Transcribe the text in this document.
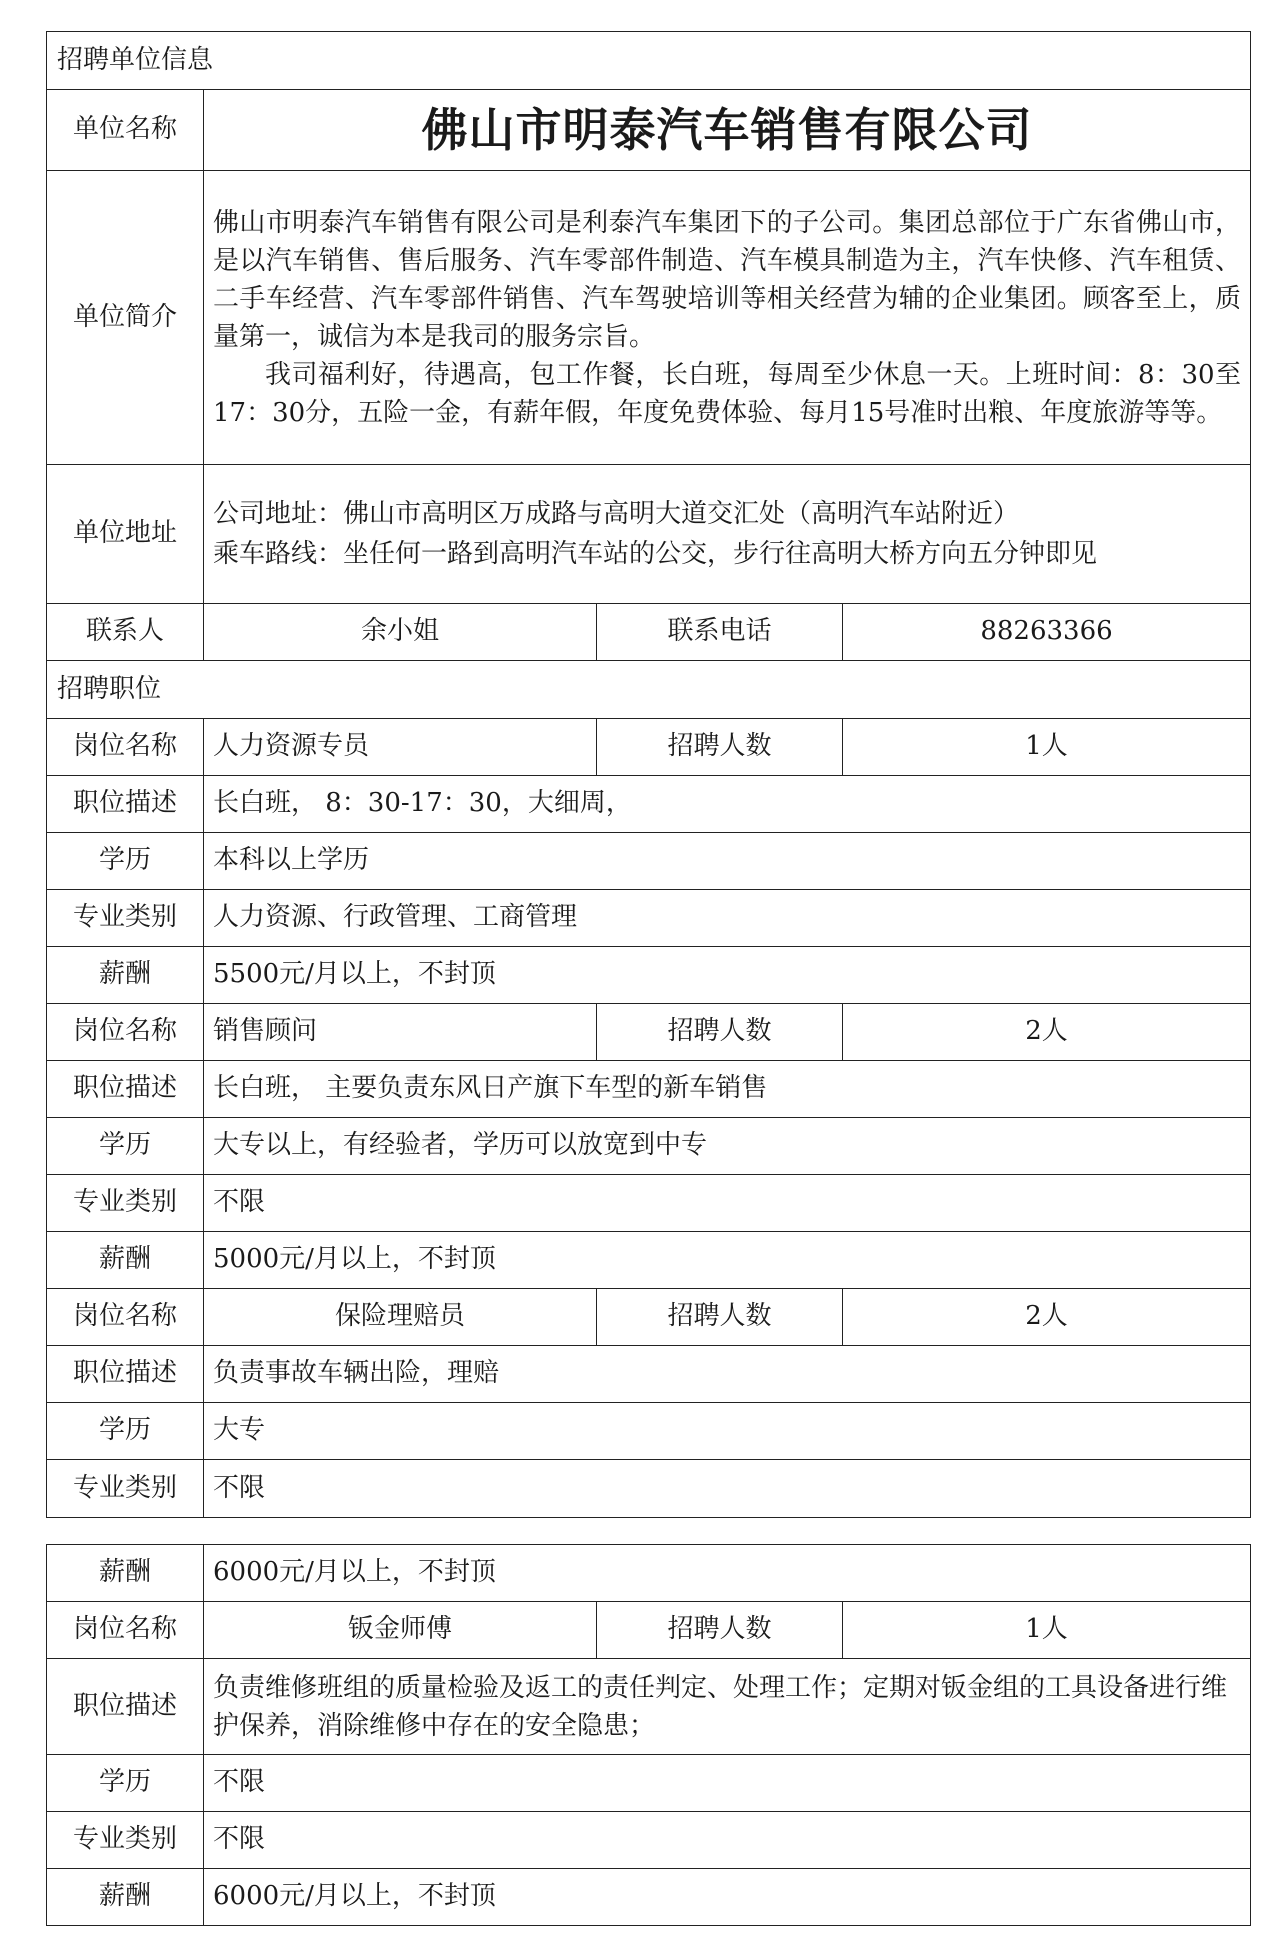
招聘单位信息			
单位名称	佛山市明泰汽车销售有限公司		
单位简介	佛山市明泰汽车销售有限公司是利泰汽车集团下的子公司。集团总部位于广东省佛山市，是以汽车销售、售后服务、汽车零部件制造、汽车模具制造为主，汽车快修、汽车租赁、二手车经营、汽车零部件销售、汽车驾驶培训等相关经营为辅的企业集团。顾客至上，质量第一，诚信为本是我司的服务宗旨。

我司福利好，待遇高，包工作餐，长白班，每周至少休息一天。上班时间：8：30至17：30分，五险一金，有薪年假，年度免费体验、每月15号准时出粮、年度旅游等等。		

单位地址	公司地址：佛山市高明区万成路与高明大道交汇处（高明汽车站附近）

乘车路线：坐任何一路到高明汽车站的公交，步行往高明大桥方向五分钟即见		

联系人	余小姐	联系电话	88263366
招聘职位			
岗位名称	人力资源专员	招聘人数	1人
职位描述	长白班， 8：30-17：30，大细周，		
学历	本科以上学历		
专业类别	人力资源、行政管理、工商管理		
薪酬	5500元/月以上，不封顶		
岗位名称	销售顾问	招聘人数	2人
职位描述	长白班， 主要负责东风日产旗下车型的新车销售		
学历	大专以上，有经验者，学历可以放宽到中专		
专业类别	不限		
薪酬	5000元/月以上，不封顶		
岗位名称	保险理赔员	招聘人数	2人
职位描述	负责事故车辆出险，理赔		
学历	大专		
专业类别	不限		
薪酬	6000元/月以上，不封顶		
岗位名称	钣金师傅	招聘人数	1人
职位描述	负责维修班组的质量检验及返工的责任判定、处理工作；定期对钣金组的工具设备进行维护保养，消除维修中存在的安全隐患；		
学历	不限		
专业类别	不限		
薪酬	6000元/月以上，不封顶		
